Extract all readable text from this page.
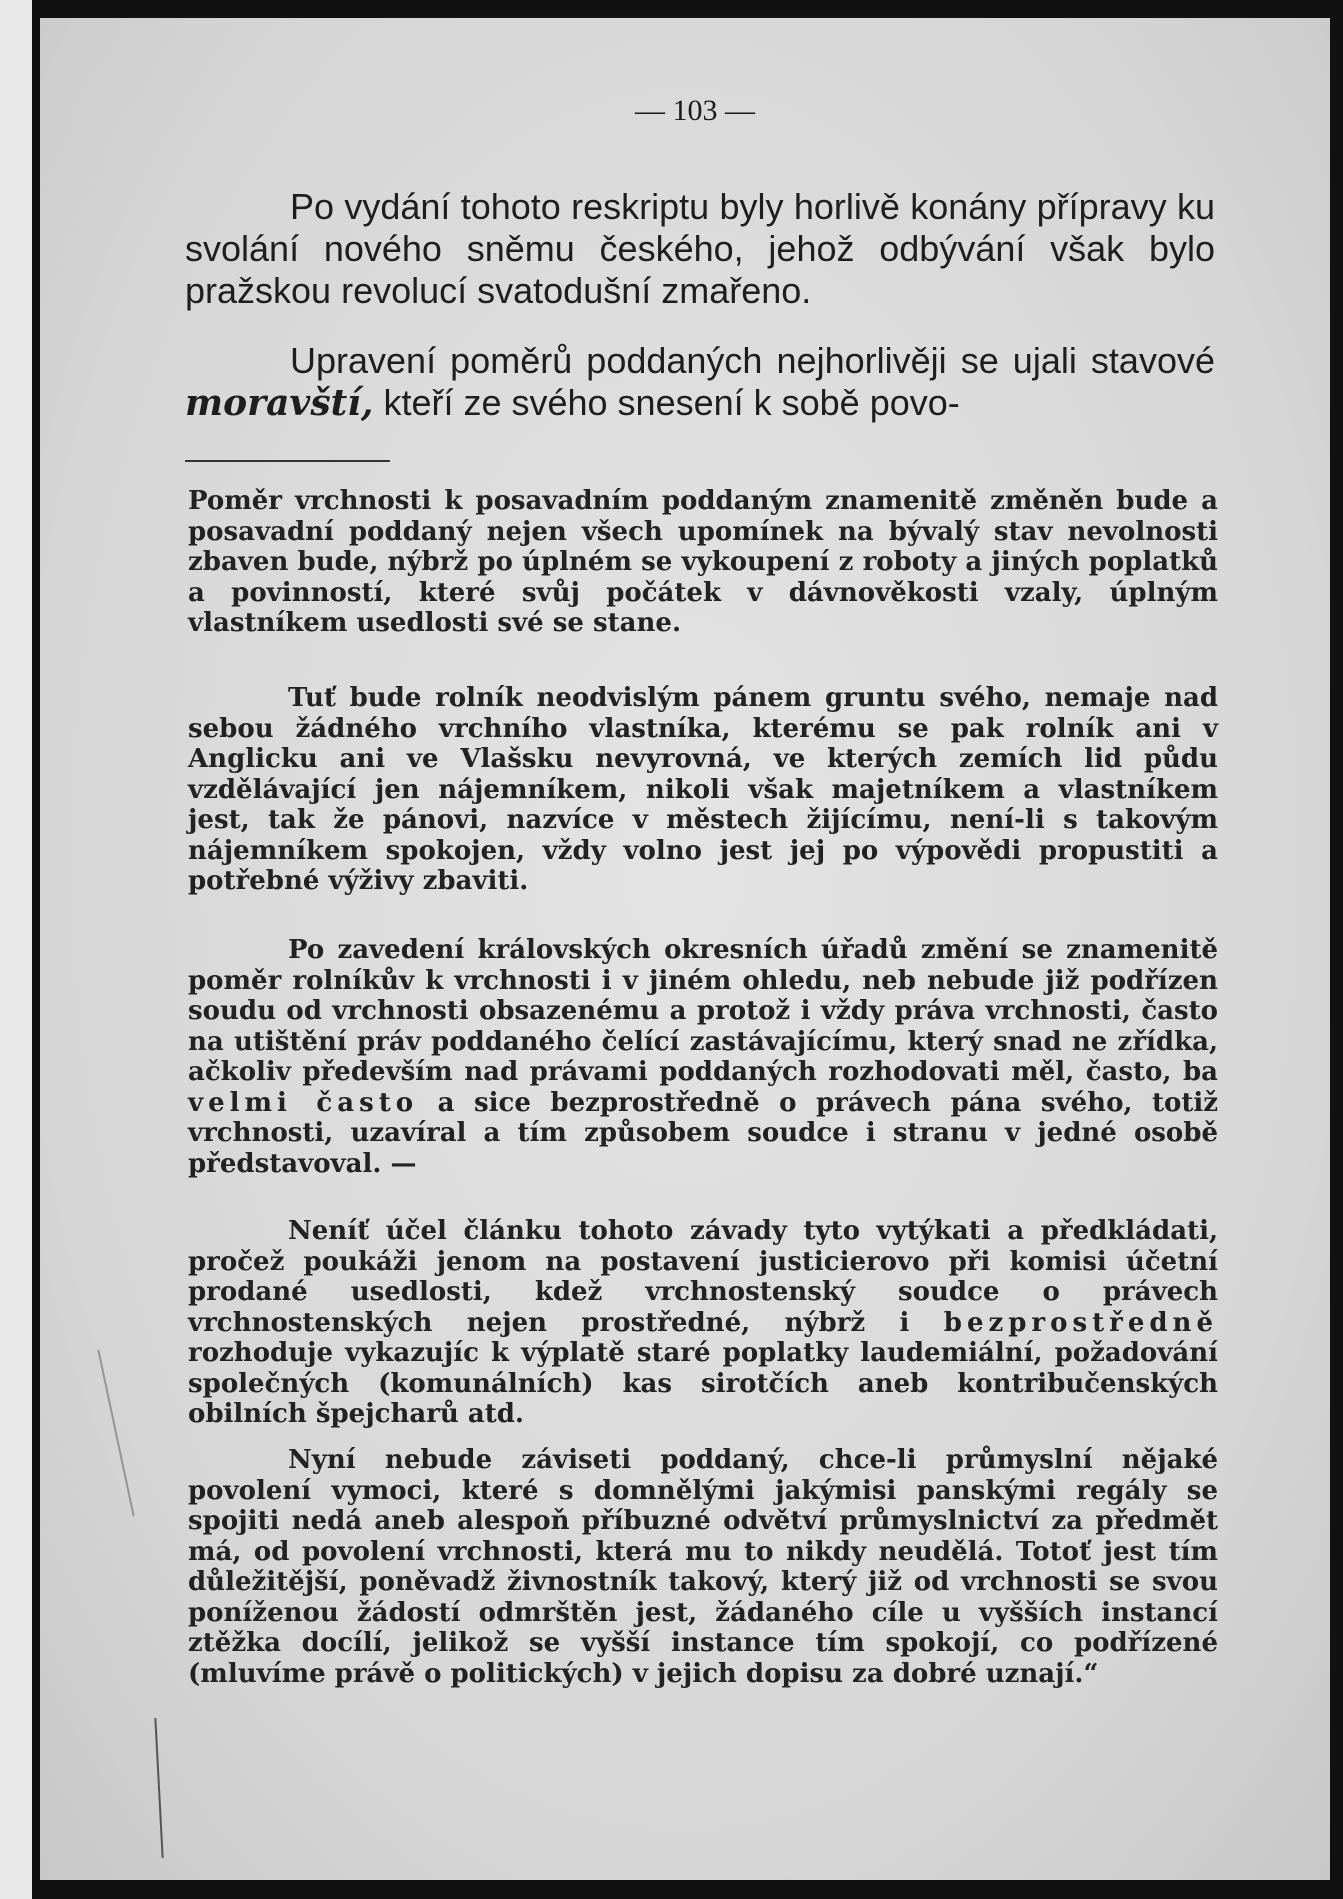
— 103 —

Po vydání tohoto reskriptu byly horlivě konány přípravy ku svolání nového sněmu českého, jehož odbývání však bylo pražskou revolucí svatodušní zmařeno.

Upravení poměrů poddaných nejhorlivěji se ujali stavové moravští, kteří ze svého snesení k sobě povo-

Poměr vrchnosti k posavadním poddaným znamenitě změněn bude a posavadní poddaný nejen všech upomínek na bývalý stav nevolnosti zbaven bude, nýbrž po úplném se vykoupení z roboty a jiných poplatků a povinností, které svůj počátek v dávnověkosti vzaly, úplným vlastníkem usedlosti své se stane.

Tuť bude rolník neodvislým pánem gruntu svého, nemaje nad sebou žádného vrchního vlastníka, kterému se pak rolník ani v Anglicku ani ve Vlašsku nevyrovná, ve kterých zemích lid půdu vzdělávající jen nájemníkem, nikoli však majetníkem a vlastníkem jest, tak že pánovi, nazvíce v městech žijícímu, není-li s takovým nájemníkem spokojen, vždy volno jest jej po výpovědi propustiti a potřebné výživy zbaviti.

Po zavedení královských okresních úřadů změní se znamenitě poměr rolníkův k vrchnosti i v jiném ohledu, neb nebude již podřízen soudu od vrchnosti obsazenému a protož i vždy práva vrchnosti, často na utištění práv poddaného čelící zastávajícímu, který snad ne zřídka, ačkoliv především nad právami poddaných rozhodovati měl, často, ba velmi často a sice bezprostředně o právech pána svého, totiž vrchnosti, uzavíral a tím způsobem soudce i stranu v jedné osobě představoval. —

Neníť účel článku tohoto závady tyto vytýkati a předkládati, pročež poukáži jenom na postavení justicierovo při komisi účetní prodané usedlosti, kdež vrchnostenský soudce o právech vrchnostenských nejen prostředné, nýbrž i bezprostředně rozhoduje vykazujíc k výplatě staré poplatky laudemiální, požadování společných (komunálních) kas sirotčích aneb kontribučenských obilních špejcharů atd.

Nyní nebude záviseti poddaný, chce-li průmyslní nějaké povolení vymoci, které s domnělými jakýmisi panskými regály se spojiti nedá aneb alespoň příbuzné odvětví průmyslnictví za předmět má, od povolení vrchnosti, která mu to nikdy neudělá. Totoť jest tím důležitější, poněvadž živnostník takový, který již od vrchnosti se svou poníženou žádostí odmrštěn jest, žádaného cíle u vyšších instancí ztěžka docílí, jelikož se vyšší instance tím spokojí, co podřízené (mluvíme právě o politických) v jejich dopisu za dobré uznají.“
